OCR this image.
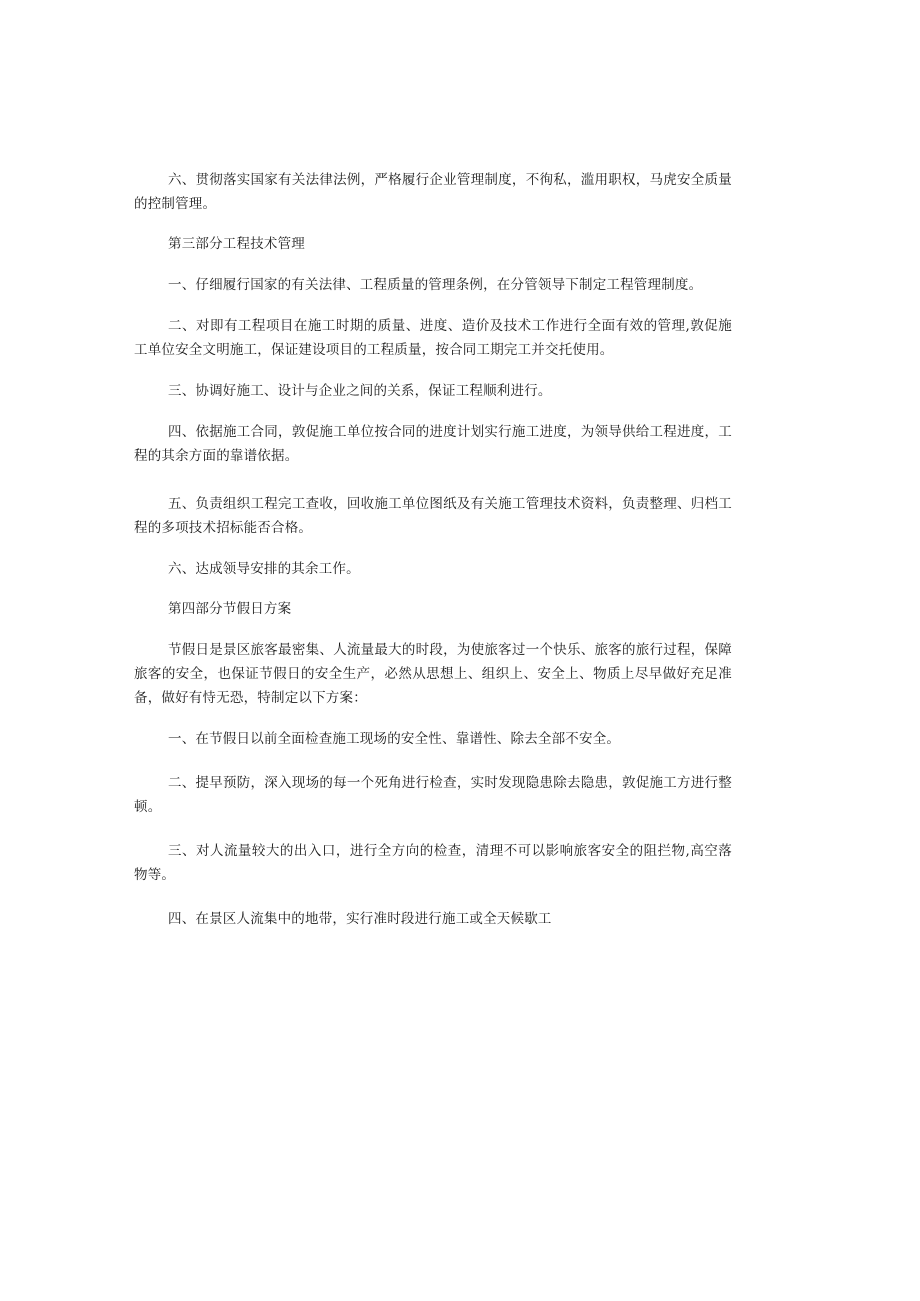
六、贯彻落实国家有关法律法例，严格履行企业管理制度，不徇私，滥用职权，马虎安全质量的控制管理。

第三部分工程技术管理

一、仔细履行国家的有关法律、工程质量的管理条例，在分管领导下制定工程管理制度。

二、对即有工程项目在施工时期的质量、进度、造价及技术工作进行全面有效的管理,敦促施工单位安全文明施工，保证建设项目的工程质量，按合同工期完工并交托使用。

三、协调好施工、设计与企业之间的关系，保证工程顺利进行。

四、依据施工合同，敦促施工单位按合同的进度计划实行施工进度，为领导供给工程进度，工程的其余方面的靠谱依据。

五、负责组织工程完工查收，回收施工单位图纸及有关施工管理技术资料，负责整理、归档工程的多项技术招标能否合格。

六、达成领导安排的其余工作。

第四部分节假日方案

节假日是景区旅客最密集、人流量最大的时段，为使旅客过一个快乐、旅客的旅行过程，保障旅客的安全，也保证节假日的安全生产，必然从思想上、组织上、安全上、物质上尽早做好充足准备，做好有恃无恐，特制定以下方案：

一、在节假日以前全面检查施工现场的安全性、靠谱性、除去全部不安全。

二、提早预防，深入现场的每一个死角进行检查，实时发现隐患除去隐患，敦促施工方进行整顿。

三、对人流量较大的出入口，进行全方向的检查，清理不可以影响旅客安全的阻拦物,高空落物等。

四、在景区人流集中的地带，实行准时段进行施工或全天候歇工
